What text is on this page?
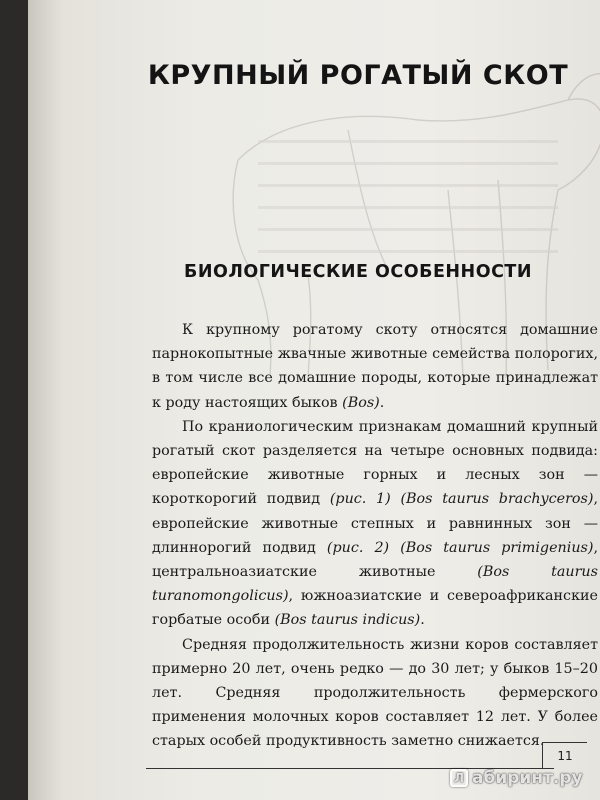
КРУПНЫЙ РОГАТЫЙ СКОТ
БИОЛОГИЧЕСКИЕ ОСОБЕННОСТИ

К крупному рогатому скоту относятся домашние парнокопытные жвачные животные семейства полорогих, в том числе все домашние породы, которые принадлежат к роду настоящих быков (Bos).

По краниологическим признакам домашний крупный рогатый скот разделяется на четыре основных подвида: европейские животные горных и лесных зон — короткорогий подвид (рис. 1) (Bos taurus brachyceros), европейские животные степных и равнинных зон — длиннорогий подвид (рис. 2) (Bos taurus primigenius), центральноазиатские животные (Bos taurus turanomongolicus), южноазиатские и североафриканские горбатые особи (Bos taurus indicus).

Средняя продолжительность жизни коров составляет примерно 20 лет, очень редко — до 30 лет; у быков 15–20 лет. Средняя продолжительность фермерского применения молочных коров составляет 12 лет. У более старых особей продуктивность заметно снижается.

11
Л абиринт.ру
